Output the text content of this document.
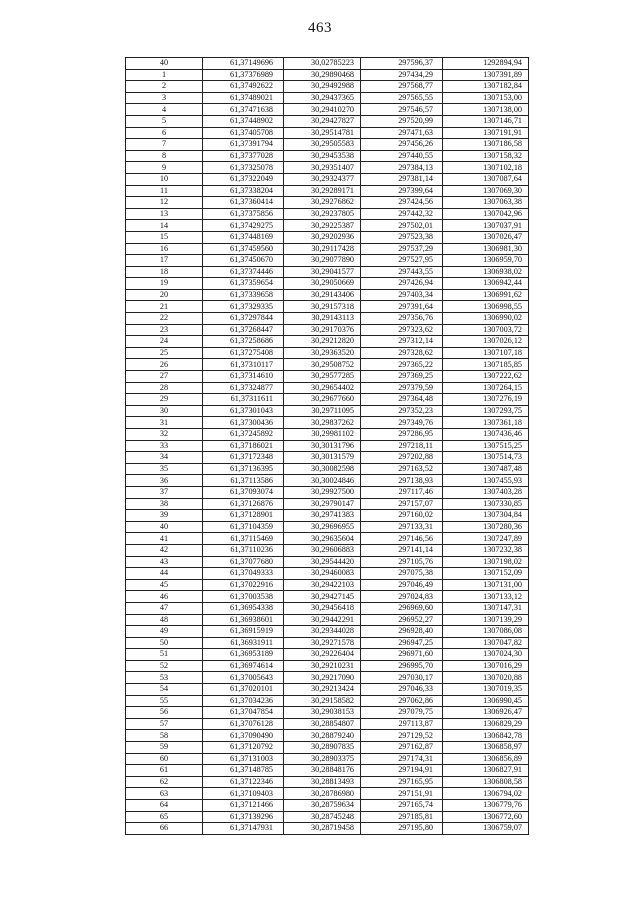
463
40	61,37149696	30,02785223	297596,37	1292894,94
1	61,37376989	30,29890468	297434,29	1307391,89
2	61,37492622	30,29492988	297568,77	1307182,84
3	61,37489021	30,29437365	297565,55	1307153,00
4	61,37471638	30,29410270	297546,57	1307138,00
5	61,37448902	30,29427827	297520,99	1307146,71
6	61,37405708	30,29514781	297471,63	1307191,91
7	61,37391794	30,29505583	297456,26	1307186,58
8	61,37377028	30,29453538	297440,55	1307158,32
9	61,37325078	30,29351407	297384,13	1307102,18
10	61,37322049	30,29324377	297381,14	1307087,64
11	61,37338204	30,29289171	297399,64	1307069,30
12	61,37360414	30,29276862	297424,56	1307063,38
13	61,37375856	30,29237805	297442,32	1307042,96
14	61,37429275	30,29225387	297502,01	1307037,91
15	61,37448169	30,29202936	297523,38	1307026,47
16	61,37459560	30,29117428	297537,29	1306981,30
17	61,37450670	30,29077890	297527,95	1306959,70
18	61,37374446	30,29041577	297443,55	1306938,02
19	61,37359654	30,29050669	297426,94	1306942,44
20	61,37339658	30,29143406	297403,34	1306991,62
21	61,37329335	30,29157318	297391,64	1306998,55
22	61,37297844	30,29143113	297356,76	1306990,02
23	61,37268447	30,29170376	297323,62	1307003,72
24	61,37258686	30,29212820	297312,14	1307026,12
25	61,37275408	30,29363520	297328,62	1307107,18
26	61,37310117	30,29508752	297365,22	1307185,85
27	61,37314610	30,29577285	297369,25	1307222,62
28	61,37324877	30,29654402	297379,59	1307264,15
29	61,37311611	30,29677660	297364,48	1307276,19
30	61,37301043	30,29711095	297352,23	1307293,75
31	61,37300436	30,29837262	297349,76	1307361,18
32	61,37245892	30,29981102	297286,95	1307436,46
33	61,37186021	30,30131796	297218,11	1307515,25
34	61,37172348	30,30131579	297202,88	1307514,73
35	61,37136395	30,30082598	297163,52	1307487,48
36	61,37113586	30,30024846	297138,93	1307455,93
37	61,37093074	30,29927500	297117,46	1307403,28
38	61,37126876	30,29790147	297157,07	1307330,85
39	61,37128901	30,29741383	297160,02	1307304,84
40	61,37104359	30,29696955	297133,31	1307280,36
41	61,37115469	30,29635604	297146,56	1307247,89
42	61,37110236	30,29606883	297141,14	1307232,38
43	61,37077680	30,29544420	297105,76	1307198,02
44	61,37049333	30,29460083	297075,38	1307152,09
45	61,37022916	30,29422103	297046,49	1307131,00
46	61,37003538	30,29427145	297024,83	1307133,12
47	61,36954338	30,29456418	296969,60	1307147,31
48	61,36938601	30,29442291	296952,27	1307139,29
49	61,36915919	30,29344028	296928,40	1307086,08
50	61,36931911	30,29271578	296947,25	1307047,82
51	61,36953189	30,29226404	296971,60	1307024,30
52	61,36974614	30,29210231	296995,70	1307016,29
53	61,37005643	30,29217090	297030,17	1307020,88
54	61,37020101	30,29213424	297046,33	1307019,35
55	61,37034236	30,29158582	297062,86	1306990,45
56	61,37047854	30,29038153	297079,75	1306926,47
57	61,37076128	30,28854807	297113,87	1306829,29
58	61,37090490	30,28879240	297129,52	1306842,78
59	61,37120792	30,28907835	297162,87	1306858,97
60	61,37131003	30,28903375	297174,31	1306856,89
61	61,37148785	30,28848176	297194,91	1306827,91
62	61,37122346	30,28813493	297165,95	1306808,58
63	61,37109403	30,28786980	297151,91	1306794,02
64	61,37121466	30,28759634	297165,74	1306779,76
65	61,37139296	30,28745248	297185,81	1306772,60
66	61,37147931	30,28719458	297195,80	1306759,07
